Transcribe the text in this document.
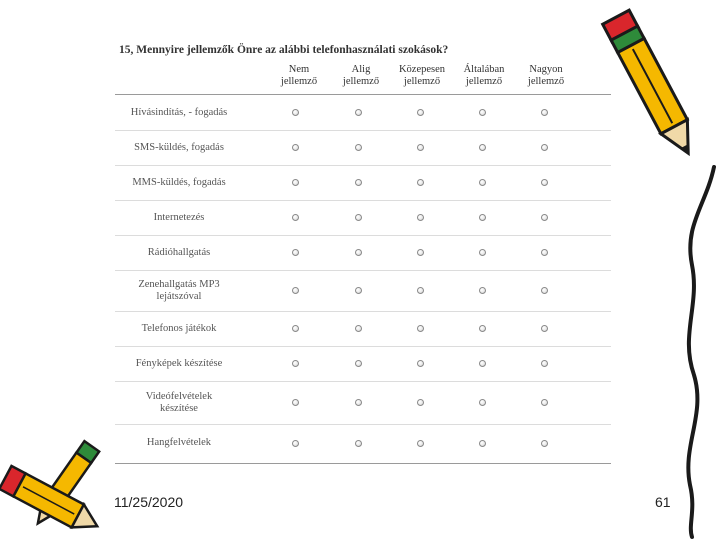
15, Mennyire jellemzők Önre az alábbi telefonhasználati szokások?
Nem
jellemző
Alig
jellemző
Közepesen
jellemző
Általában
jellemző
Nagyon
jellemző
Hívásindítás, - fogadás
SMS-küldés, fogadás
MMS-küldés, fogadás
Internetezés
Rádióhallgatás
Zenehallgatás MP3
lejátszóval
Telefonos játékok
Fényképek készítése
Videófelvételek
készítése
Hangfelvételek
11/25/2020	61
